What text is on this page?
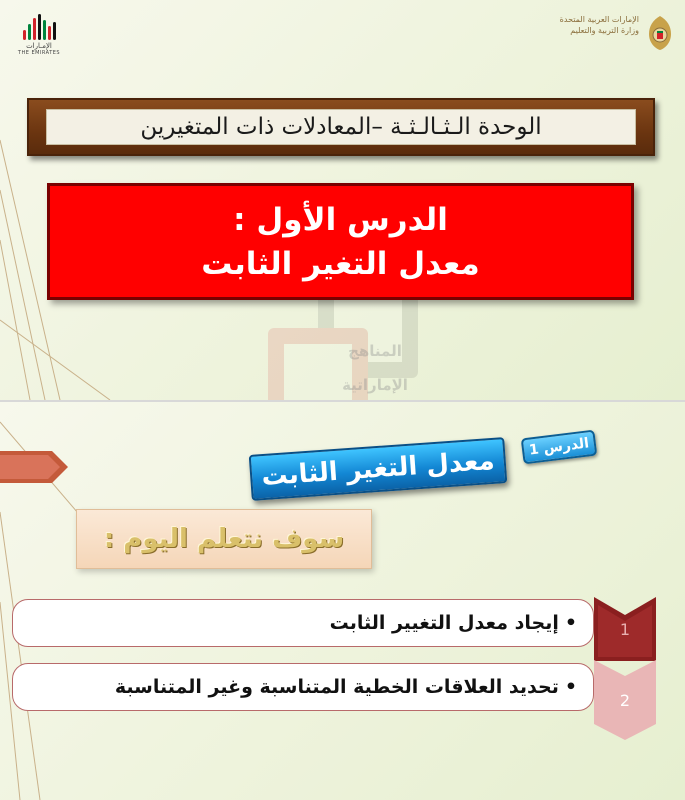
الإمـارات
THE EMIRATES
الإمارات العربية المتحدة
وزارة التربية والتعليم
الوحدة الـثـالـثـة –المعادلات ذات المتغيرين
المناهج
الإماراتية
الدرس الأول :
معدل التغير الثابت
الدرس 1
معدل التغير الثابت
سوف نتعلم اليوم :
•
إيجاد معدل التغيير الثابت	1
•
تحديد العلاقات الخطية المتناسبة وغير المتناسبة
2
